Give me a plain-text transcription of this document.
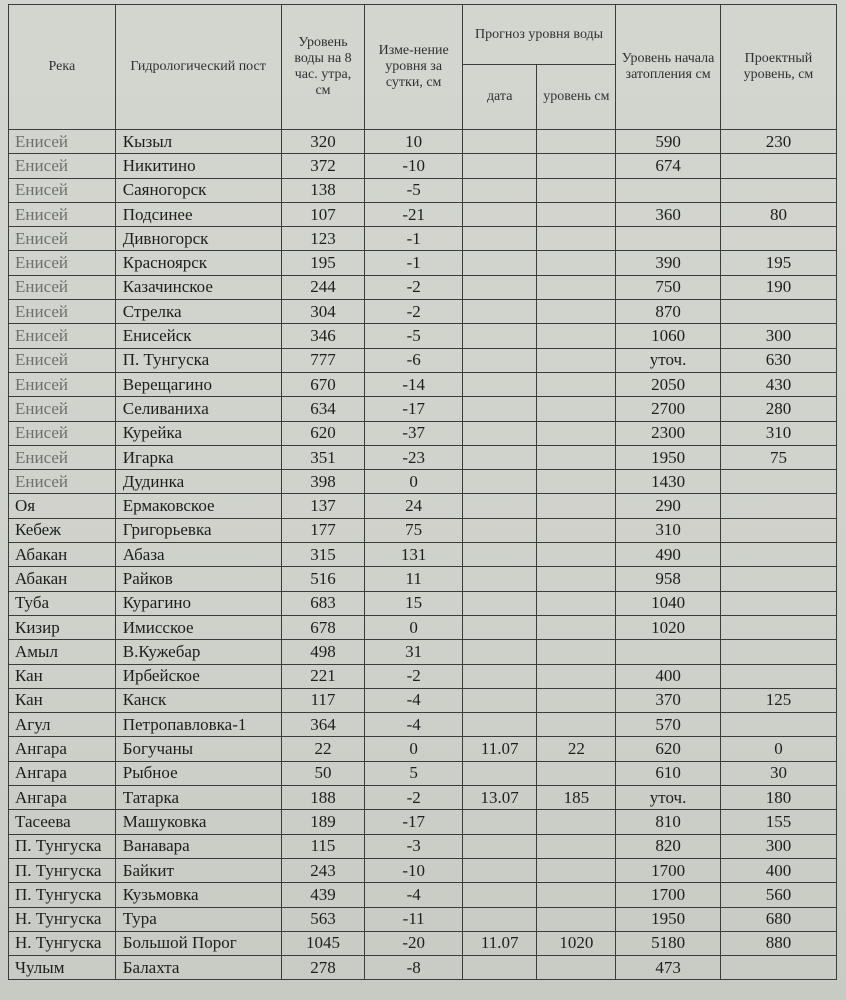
Река	Гидрологический пост	Уровень воды на 8 час. утра, см	Изме-нение уровня за сутки, см	Прогноз уровня воды		Уровень начала затопления см	Проектный уровень, см
				дата	уровень см		
Енисей	Кызыл	320	10			590	230
Енисей	Никитино	372	-10			674	
Енисей	Саяногорск	138	-5				
Енисей	Подсинее	107	-21			360	80
Енисей	Дивногорск	123	-1				
Енисей	Красноярск	195	-1			390	195
Енисей	Казачинское	244	-2			750	190
Енисей	Стрелка	304	-2			870	
Енисей	Енисейск	346	-5			1060	300
Енисей	П. Тунгуска	777	-6			уточ.	630
Енисей	Верещагино	670	-14			2050	430
Енисей	Селиваниха	634	-17			2700	280
Енисей	Курейка	620	-37			2300	310
Енисей	Игарка	351	-23			1950	75
Енисей	Дудинка	398	0			1430	
Оя	Ермаковское	137	24			290	
Кебеж	Григорьевка	177	75			310	
Абакан	Абаза	315	131			490	
Абакан	Райков	516	11			958	
Туба	Курагино	683	15			1040	
Кизир	Имисское	678	0			1020	
Амыл	В.Кужебар	498	31				
Кан	Ирбейское	221	-2			400	
Кан	Канск	117	-4			370	125
Агул	Петропавловка-1	364	-4			570	
Ангара	Богучаны	22	0	11.07	22	620	0
Ангара	Рыбное	50	5			610	30
Ангара	Татарка	188	-2	13.07	185	уточ.	180
Тасеева	Машуковка	189	-17			810	155
П. Тунгуска	Ванавара	115	-3			820	300
П. Тунгуска	Байкит	243	-10			1700	400
П. Тунгуска	Кузьмовка	439	-4			1700	560
Н. Тунгуска	Тура	563	-11			1950	680
Н. Тунгуска	Большой Порог	1045	-20	11.07	1020	5180	880
Чулым	Балахта	278	-8			473	
